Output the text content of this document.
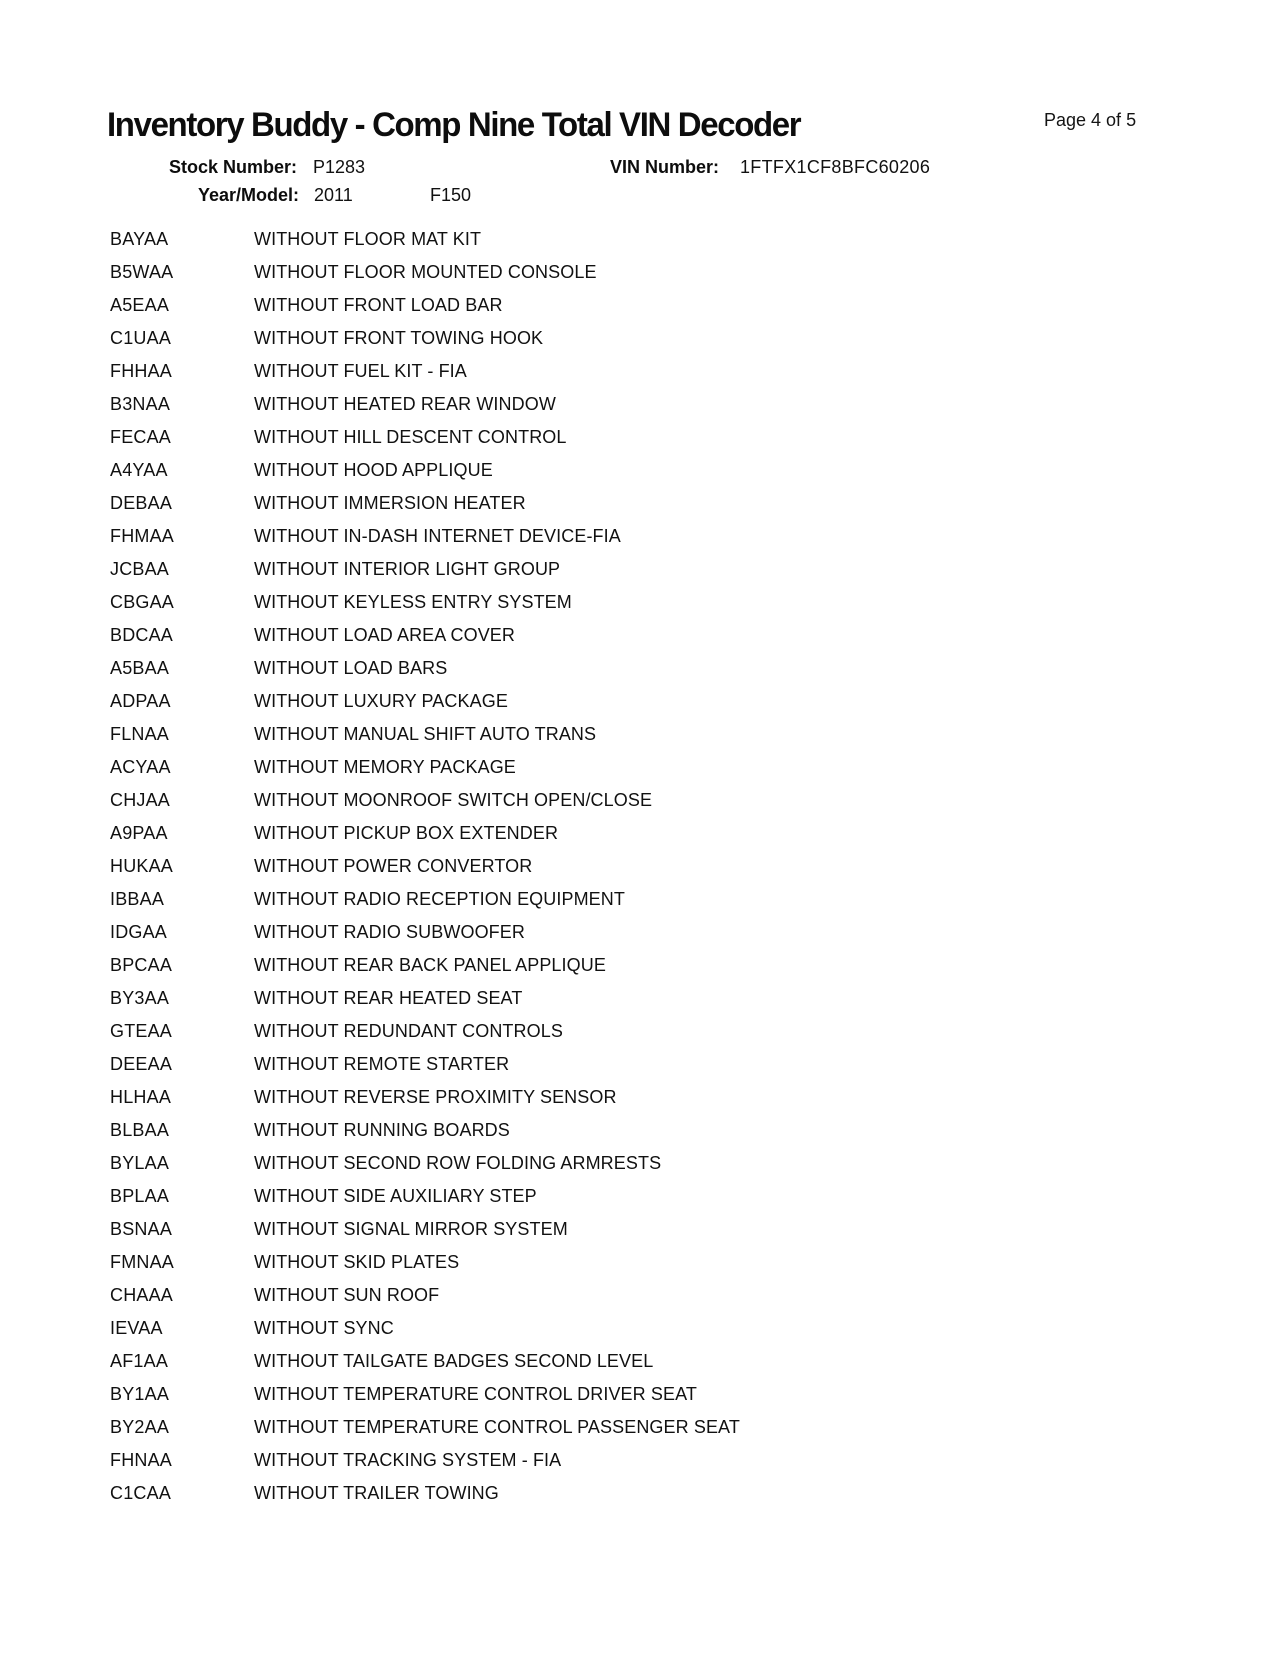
Inventory Buddy - Comp Nine Total VIN Decoder	Page 4 of 5
Stock Number: P1283	VIN Number: 1FTFX1CF8BFC60206
Year/Model: 2011	F150
BAYAA	WITHOUT FLOOR MAT KIT
B5WAA	WITHOUT FLOOR MOUNTED CONSOLE
A5EAA	WITHOUT FRONT LOAD BAR
C1UAA	WITHOUT FRONT TOWING HOOK
FHHAA	WITHOUT FUEL KIT - FIA
B3NAA	WITHOUT HEATED REAR WINDOW
FECAA	WITHOUT HILL DESCENT CONTROL
A4YAA	WITHOUT HOOD APPLIQUE
DEBAA	WITHOUT IMMERSION HEATER
FHMAA	WITHOUT IN-DASH INTERNET DEVICE-FIA
JCBAA	WITHOUT INTERIOR LIGHT GROUP
CBGAA	WITHOUT KEYLESS ENTRY SYSTEM
BDCAA	WITHOUT LOAD AREA COVER
A5BAA	WITHOUT LOAD BARS
ADPAA	WITHOUT LUXURY PACKAGE
FLNAA	WITHOUT MANUAL SHIFT AUTO TRANS
ACYAA	WITHOUT MEMORY PACKAGE
CHJAA	WITHOUT MOONROOF SWITCH OPEN/CLOSE
A9PAA	WITHOUT PICKUP BOX EXTENDER
HUKAA	WITHOUT POWER CONVERTOR
IBBAA	WITHOUT RADIO RECEPTION EQUIPMENT
IDGAA	WITHOUT RADIO SUBWOOFER
BPCAA	WITHOUT REAR BACK PANEL APPLIQUE
BY3AA	WITHOUT REAR HEATED SEAT
GTEAA	WITHOUT REDUNDANT CONTROLS
DEEAA	WITHOUT REMOTE STARTER
HLHAA	WITHOUT REVERSE PROXIMITY SENSOR
BLBAA	WITHOUT RUNNING BOARDS
BYLAA	WITHOUT SECOND ROW FOLDING ARMRESTS
BPLAA	WITHOUT SIDE AUXILIARY STEP
BSNAA	WITHOUT SIGNAL MIRROR SYSTEM
FMNAA	WITHOUT SKID PLATES
CHAAA	WITHOUT SUN ROOF
IEVAA	WITHOUT SYNC
AF1AA	WITHOUT TAILGATE BADGES SECOND LEVEL
BY1AA	WITHOUT TEMPERATURE CONTROL DRIVER SEAT
BY2AA	WITHOUT TEMPERATURE CONTROL PASSENGER SEAT
FHNAA	WITHOUT TRACKING SYSTEM - FIA
C1CAA	WITHOUT TRAILER TOWING
